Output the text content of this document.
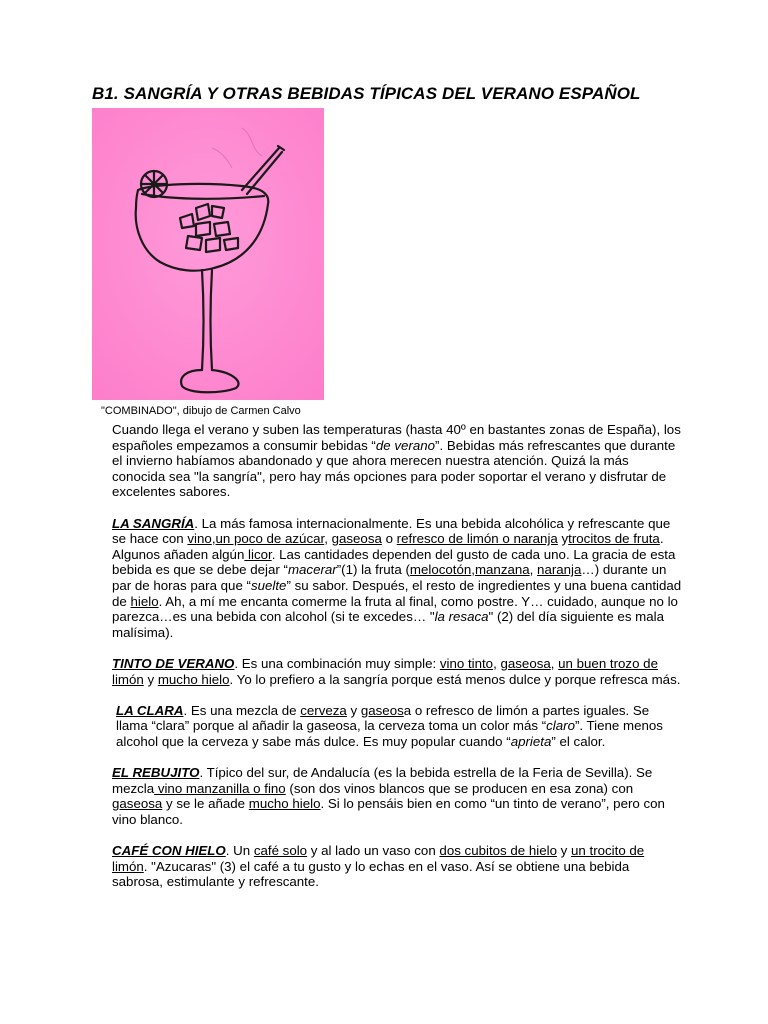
B1. SANGRÍA Y OTRAS BEBIDAS TÍPICAS DEL VERANO ESPAÑOL
"COMBINADO", dibujo de Carmen Calvo

Cuando llega el verano y suben las temperaturas (hasta 40º en bastantes zonas de España), los españoles empezamos a consumir bebidas “de verano”. Bebidas más refrescantes que durante el invierno habíamos abandonado y que ahora merecen nuestra atención. Quizá la más conocida sea "la sangría", pero hay más opciones para poder soportar el verano y disfrutar de excelentes sabores.

LA SANGRÍA. La más famosa internacionalmente. Es una bebida alcohólica y refrescante que se hace con vino,un poco de azúcar, gaseosa o refresco de limón o naranja ytrocitos de fruta. Algunos añaden algún licor. Las cantidades dependen del gusto de cada uno. La gracia de esta bebida es que se debe dejar “macerar”(1) la fruta (melocotón,manzana, naranja…) durante un par de horas para que “suelte” su sabor. Después, el resto de ingredientes y una buena cantidad de hielo. Ah, a mí me encanta comerme la fruta al final, como postre. Y… cuidado, aunque no lo parezca…es una bebida con alcohol (si te excedes… "la resaca" (2) del día siguiente es mala malísima).

TINTO DE VERANO. Es una combinación muy simple: vino tinto, gaseosa, un buen trozo de limón y mucho hielo. Yo lo prefiero a la sangría porque está menos dulce y porque refresca más.

LA CLARA. Es una mezcla de cerveza y gaseosa o refresco de limón a partes iguales. Se llama “clara” porque al añadir la gaseosa, la cerveza toma un color más “claro”. Tiene menos alcohol que la cerveza y sabe más dulce. Es muy popular cuando “aprieta” el calor.

EL REBUJITO. Típico del sur, de Andalucía (es la bebida estrella de la Feria de Sevilla). Se mezcla vino manzanilla o fino (son dos vinos blancos que se producen en esa zona) con gaseosa y se le añade mucho hielo. Si lo pensáis bien en como “un tinto de verano”, pero con vino blanco.

CAFÉ CON HIELO. Un café solo y al lado un vaso con dos cubitos de hielo y un trocito de limón. "Azucaras" (3) el café a tu gusto y lo echas en el vaso. Así se obtiene una bebida sabrosa, estimulante y refrescante.
